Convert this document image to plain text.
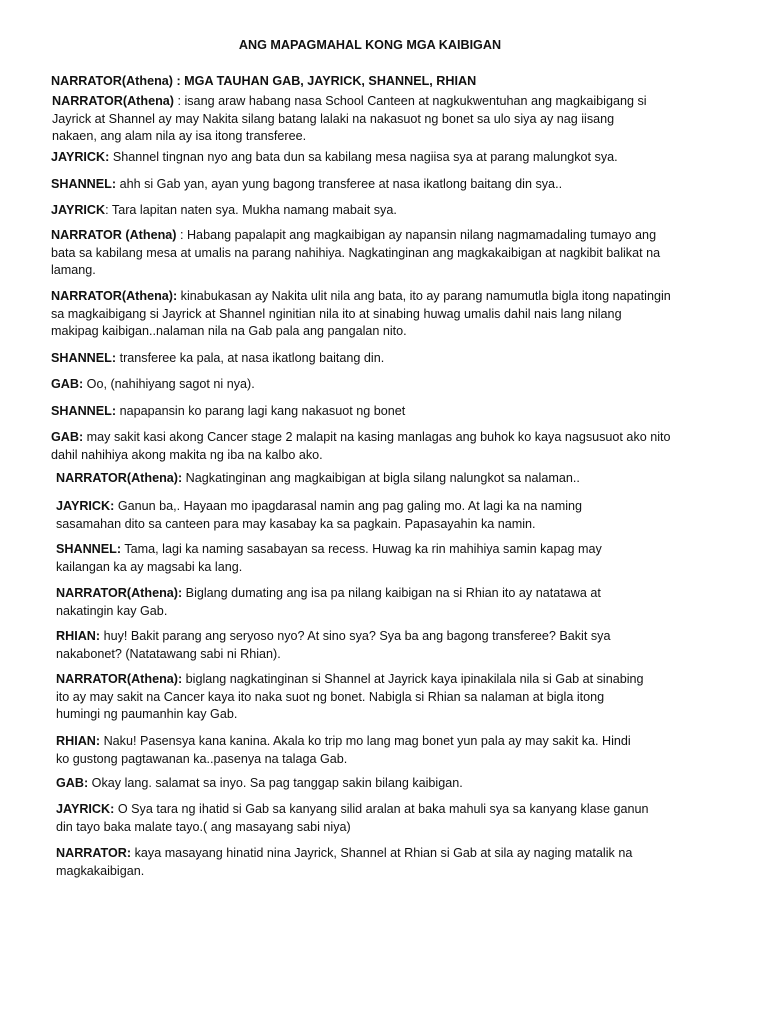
ANG MAPAGMAHAL KONG MGA KAIBIGAN

NARRATOR(Athena) : MGA TAUHAN GAB, JAYRICK, SHANNEL, RHIAN

NARRATOR(Athena) : isang araw habang nasa School Canteen at nagkukwentuhan ang magkaibigang si
Jayrick at Shannel ay may Nakita silang batang lalaki na nakasuot ng bonet sa ulo siya ay nag iisang
nakaen, ang alam nila ay isa itong transferee.

JAYRICK: Shannel tingnan nyo ang bata dun sa kabilang mesa nagiisa sya at parang malungkot sya.

SHANNEL: ahh si Gab yan, ayan yung bagong transferee at nasa ikatlong baitang din sya..

JAYRICK: Tara lapitan naten sya. Mukha namang mabait sya.

NARRATOR (Athena) : Habang papalapit ang magkaibigan ay napansin nilang nagmamadaling tumayo ang
bata sa kabilang mesa at umalis na parang nahihiya. Nagkatinginan ang magkakaibigan at nagkibit balikat na
lamang.

NARRATOR(Athena): kinabukasan ay Nakita ulit nila ang bata, ito ay parang namumutla bigla itong napatingin
sa magkaibigang si Jayrick at Shannel nginitian nila ito at sinabing huwag umalis dahil nais lang nilang
makipag kaibigan..nalaman nila na Gab pala ang pangalan nito.

SHANNEL: transferee ka pala, at nasa ikatlong baitang din.

GAB: Oo, (nahihiyang sagot ni nya).

SHANNEL: napapansin ko parang lagi kang nakasuot ng bonet

GAB: may sakit kasi akong Cancer stage 2 malapit na kasing manlagas ang buhok ko kaya nagsusuot ako nito
dahil nahihiya akong makita ng iba na kalbo ako.

NARRATOR(Athena): Nagkatinginan ang magkaibigan at bigla silang nalungkot sa nalaman..

JAYRICK: Ganun ba,. Hayaan mo ipagdarasal namin ang pag galing mo. At lagi ka na naming
sasamahan dito sa canteen para may kasabay ka sa pagkain. Papasayahin ka namin.

SHANNEL: Tama, lagi ka naming sasabayan sa recess. Huwag ka rin mahihiya samin kapag may
kailangan ka ay magsabi ka lang.

NARRATOR(Athena): Biglang dumating ang isa pa nilang kaibigan na si Rhian ito ay natatawa at
nakatingin kay Gab.

RHIAN: huy! Bakit parang ang seryoso nyo? At sino sya? Sya ba ang bagong transferee? Bakit sya
nakabonet? (Natatawang sabi ni Rhian).

NARRATOR(Athena): biglang nagkatinginan si Shannel at Jayrick kaya ipinakilala nila si Gab at sinabing
ito ay may sakit na Cancer kaya ito naka suot ng bonet. Nabigla si Rhian sa nalaman at bigla itong
humingi ng paumanhin kay Gab.

RHIAN: Naku! Pasensya kana kanina. Akala ko trip mo lang mag bonet yun pala ay may sakit ka. Hindi
ko gustong pagtawanan ka..pasenya na talaga Gab.

GAB: Okay lang. salamat sa inyo. Sa pag tanggap sakin bilang kaibigan.

JAYRICK: O Sya tara ng ihatid si Gab sa kanyang silid aralan at baka mahuli sya sa kanyang klase ganun
din tayo baka malate tayo.( ang masayang sabi niya)

NARRATOR: kaya masayang hinatid nina Jayrick, Shannel at Rhian si Gab at sila ay naging matalik na
magkakaibigan.
